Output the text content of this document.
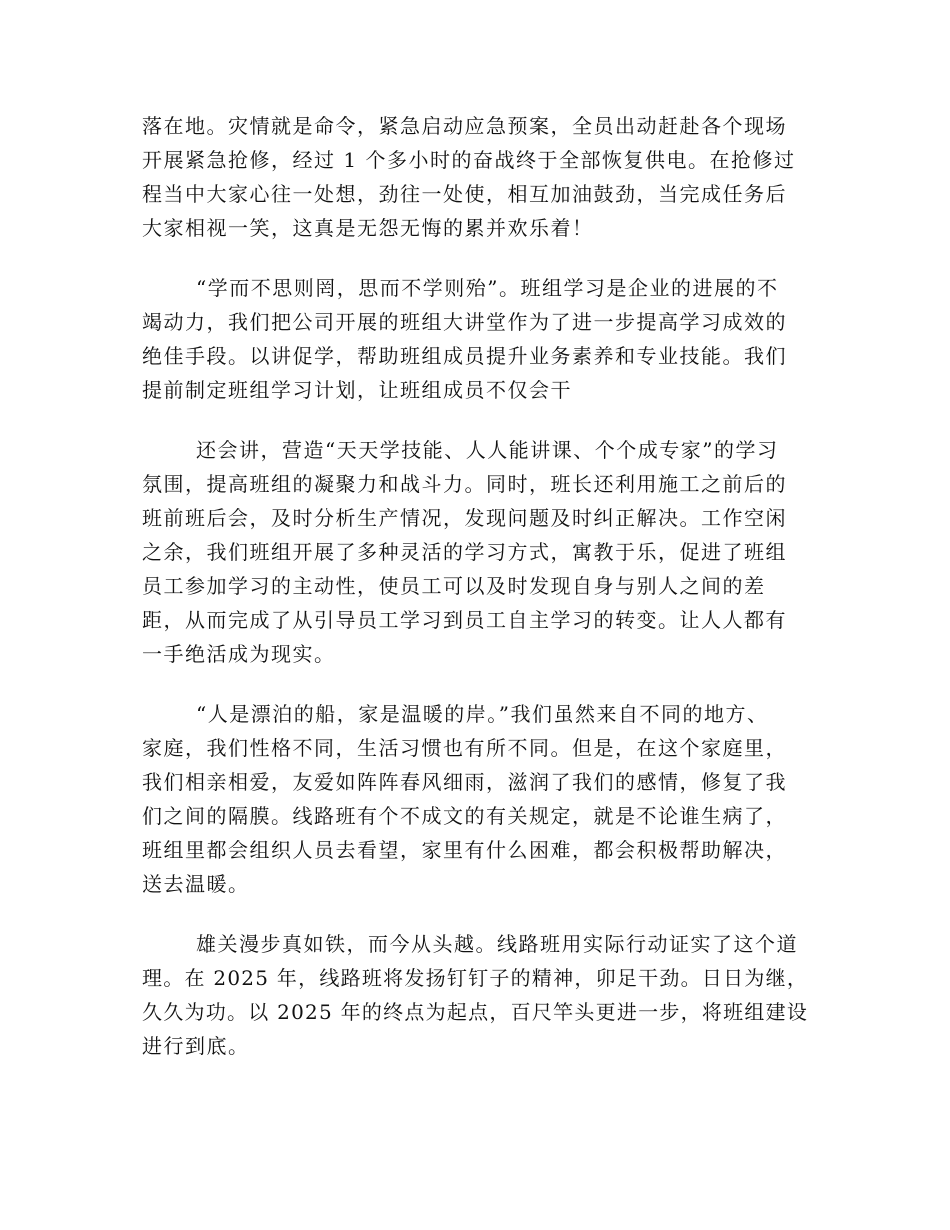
落在地。灾情就是命令，紧急启动应急预案，全员出动赶赴各个现场
开展紧急抢修，经过 1 个多小时的奋战终于全部恢复供电。在抢修过
程当中大家心往一处想，劲往一处使，相互加油鼓劲，当完成任务后
大家相视一笑，这真是无怨无悔的累并欢乐着！
“学而不思则罔，思而不学则殆”。班组学习是企业的进展的不
竭动力，我们把公司开展的班组大讲堂作为了进一步提高学习成效的
绝佳手段。以讲促学，帮助班组成员提升业务素养和专业技能。我们
提前制定班组学习计划，让班组成员不仅会干
还会讲，营造“天天学技能、人人能讲课、个个成专家”的学习
氛围，提高班组的凝聚力和战斗力。同时，班长还利用施工之前后的
班前班后会，及时分析生产情况，发现问题及时纠正解决。工作空闲
之余，我们班组开展了多种灵活的学习方式，寓教于乐，促进了班组
员工参加学习的主动性，使员工可以及时发现自身与别人之间的差
距，从而完成了从引导员工学习到员工自主学习的转变。让人人都有
一手绝活成为现实。
“人是漂泊的船，家是温暖的岸。”我们虽然来自不同的地方、
家庭，我们性格不同，生活习惯也有所不同。但是，在这个家庭里，
我们相亲相爱，友爱如阵阵春风细雨，滋润了我们的感情，修复了我
们之间的隔膜。线路班有个不成文的有关规定，就是不论谁生病了，
班组里都会组织人员去看望，家里有什么困难，都会积极帮助解决，
送去温暖。
雄关漫步真如铁，而今从头越。线路班用实际行动证实了这个道
理。在 2025 年，线路班将发扬钉钉子的精神，卯足干劲。日日为继，
久久为功。以 2025 年的终点为起点，百尺竿头更进一步，将班组建设
进行到底。
